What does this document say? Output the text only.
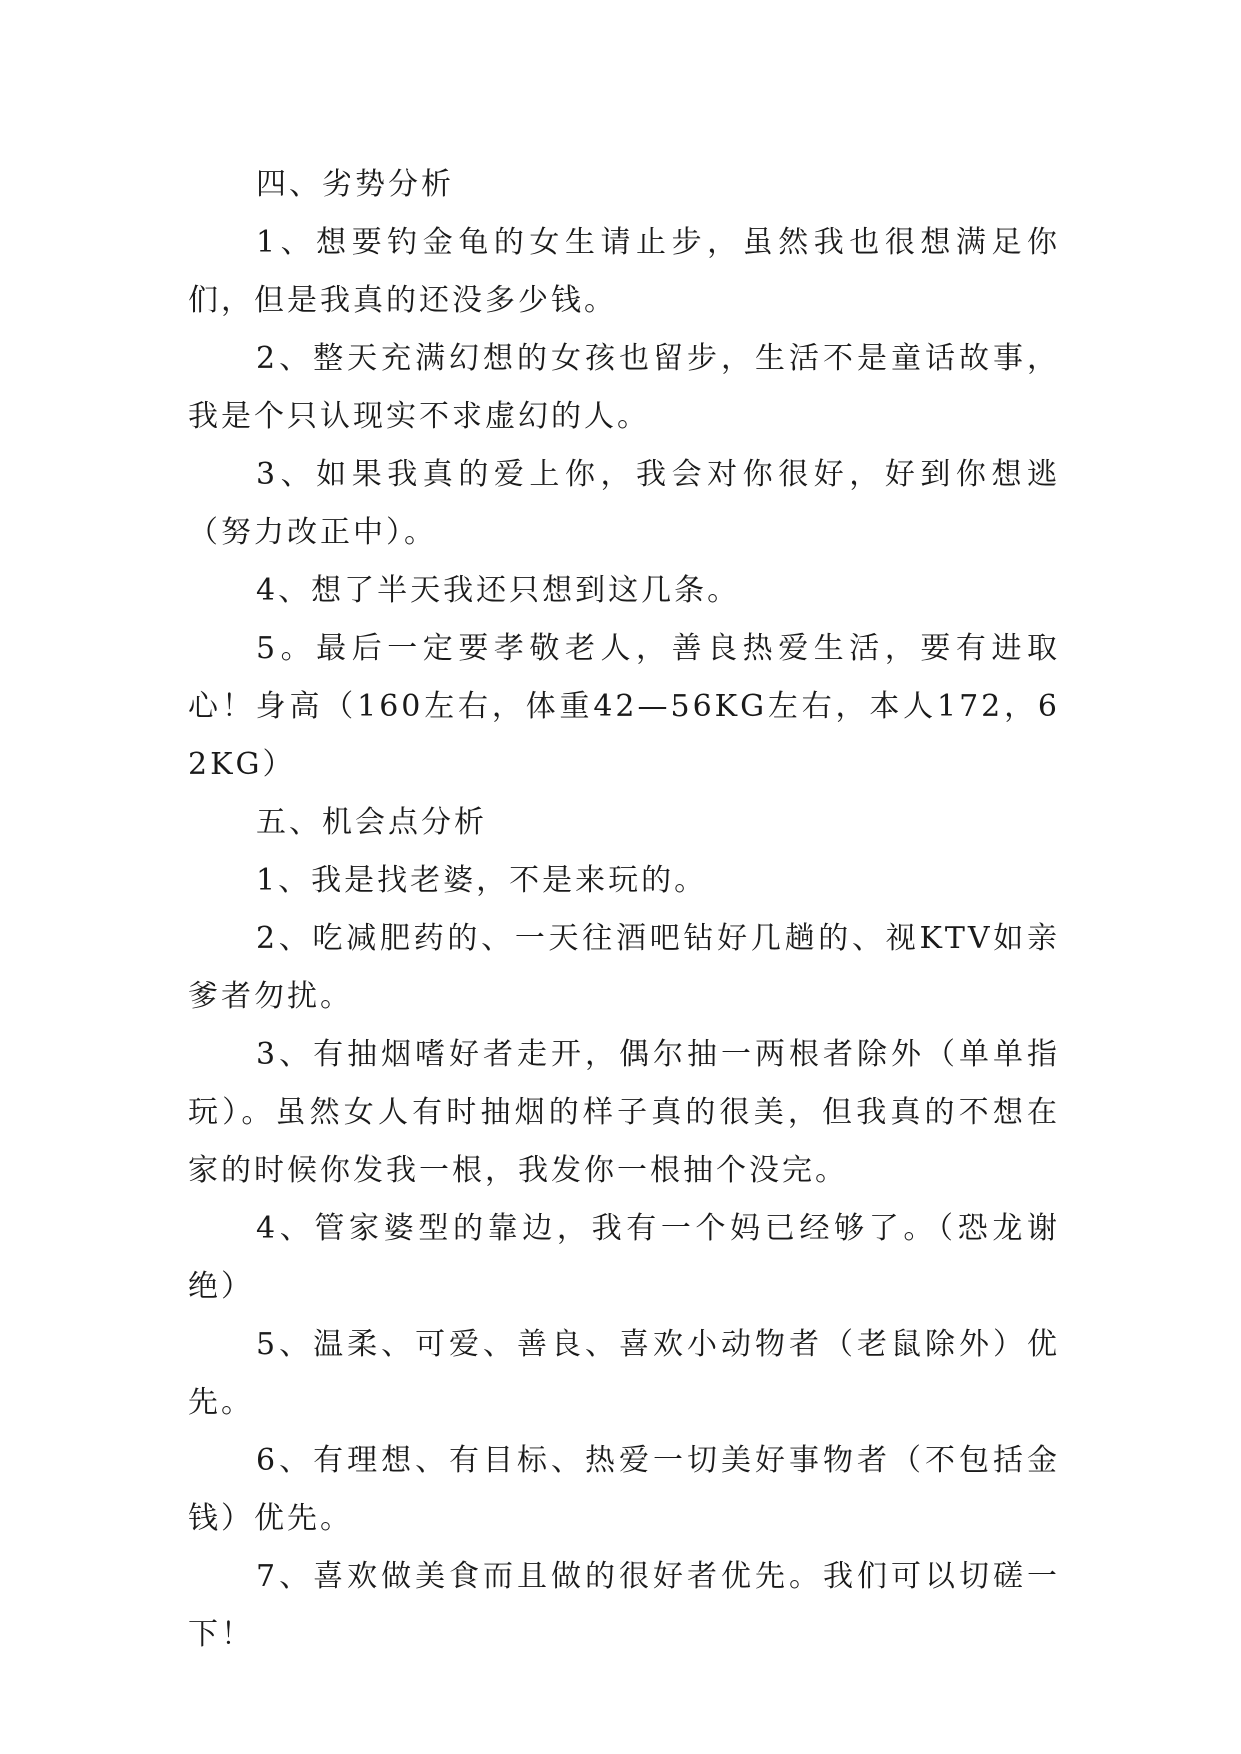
四、劣势分析

1、想要钓金龟的女生请止步，虽然我也很想满足你们，但是我真的还没多少钱。

2、整天充满幻想的女孩也留步，生活不是童话故事，我是个只认现实不求虚幻的人。

3、如果我真的爱上你，我会对你很好，好到你想逃（努力改正中）。

4、想了半天我还只想到这几条。

5。最后一定要孝敬老人，善良热爱生活，要有进取心！身高（160左右，体重42—56KG左右，本人172，62KG）

五、机会点分析

1、我是找老婆，不是来玩的。

2、吃减肥药的、一天往酒吧钻好几趟的、视KTV如亲爹者勿扰。

3、有抽烟嗜好者走开，偶尔抽一两根者除外（单单指玩）。虽然女人有时抽烟的样子真的很美，但我真的不想在家的时候你发我一根，我发你一根抽个没完。

4、管家婆型的靠边，我有一个妈已经够了。（恐龙谢绝）

5、温柔、可爱、善良、喜欢小动物者（老鼠除外）优先。

6、有理想、有目标、热爱一切美好事物者（不包括金钱）优先。

7、喜欢做美食而且做的很好者优先。我们可以切磋一下！
